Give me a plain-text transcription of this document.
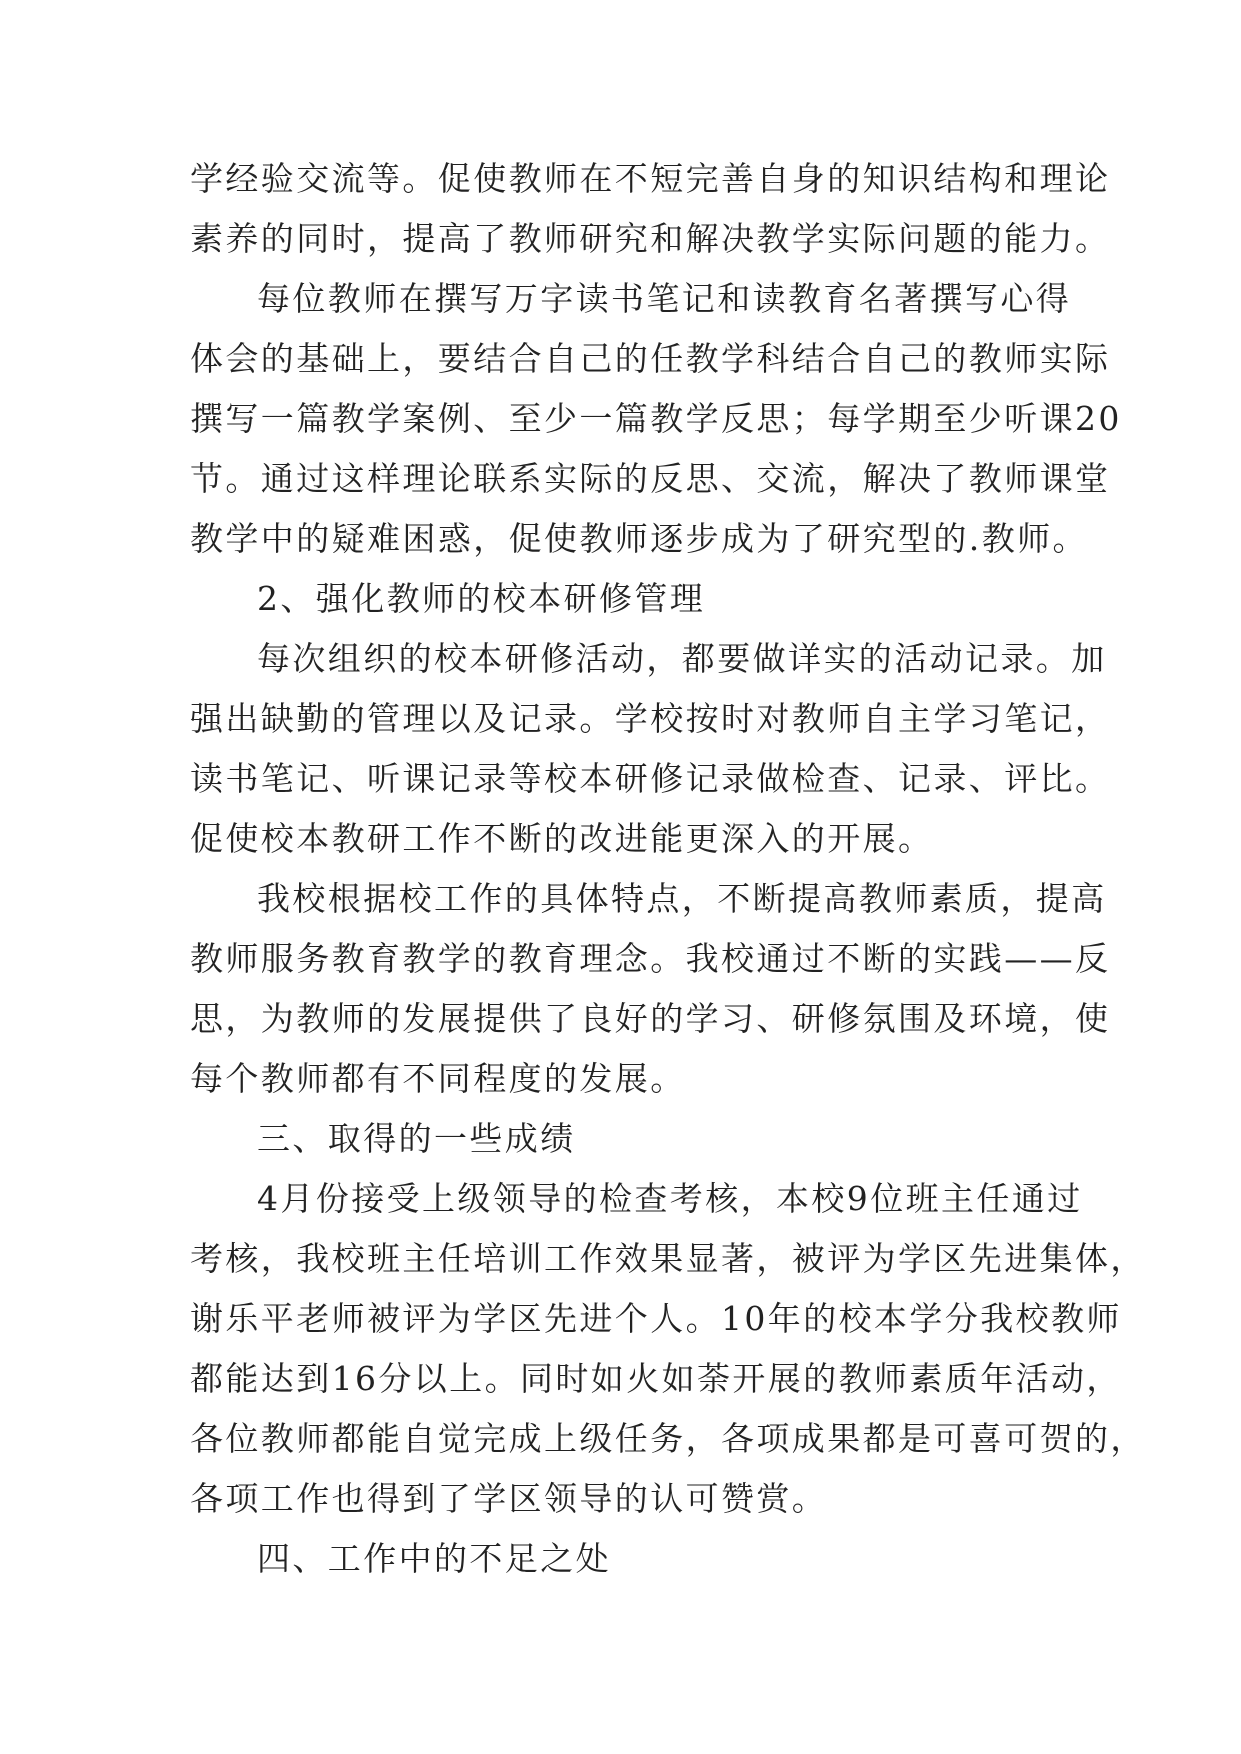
学经验交流等。促使教师在不短完善自身的知识结构和理论
素养的同时，提高了教师研究和解决教学实际问题的能力。
每位教师在撰写万字读书笔记和读教育名著撰写心得
体会的基础上，要结合自己的任教学科结合自己的教师实际
撰写一篇教学案例、至少一篇教学反思；每学期至少听课20
节。通过这样理论联系实际的反思、交流，解决了教师课堂
教学中的疑难困惑，促使教师逐步成为了研究型的.教师。
2、强化教师的校本研修管理
每次组织的校本研修活动，都要做详实的活动记录。加
强出缺勤的管理以及记录。学校按时对教师自主学习笔记，
读书笔记、听课记录等校本研修记录做检查、记录、评比。
促使校本教研工作不断的改进能更深入的开展。
我校根据校工作的具体特点，不断提高教师素质，提高
教师服务教育教学的教育理念。我校通过不断的实践——反
思，为教师的发展提供了良好的学习、研修氛围及环境，使
每个教师都有不同程度的发展。
三、取得的一些成绩
4月份接受上级领导的检查考核，本校9位班主任通过
考核，我校班主任培训工作效果显著，被评为学区先进集体，
谢乐平老师被评为学区先进个人。10年的校本学分我校教师
都能达到16分以上。同时如火如荼开展的教师素质年活动，
各位教师都能自觉完成上级任务，各项成果都是可喜可贺的，
各项工作也得到了学区领导的认可赞赏。
四、工作中的不足之处
